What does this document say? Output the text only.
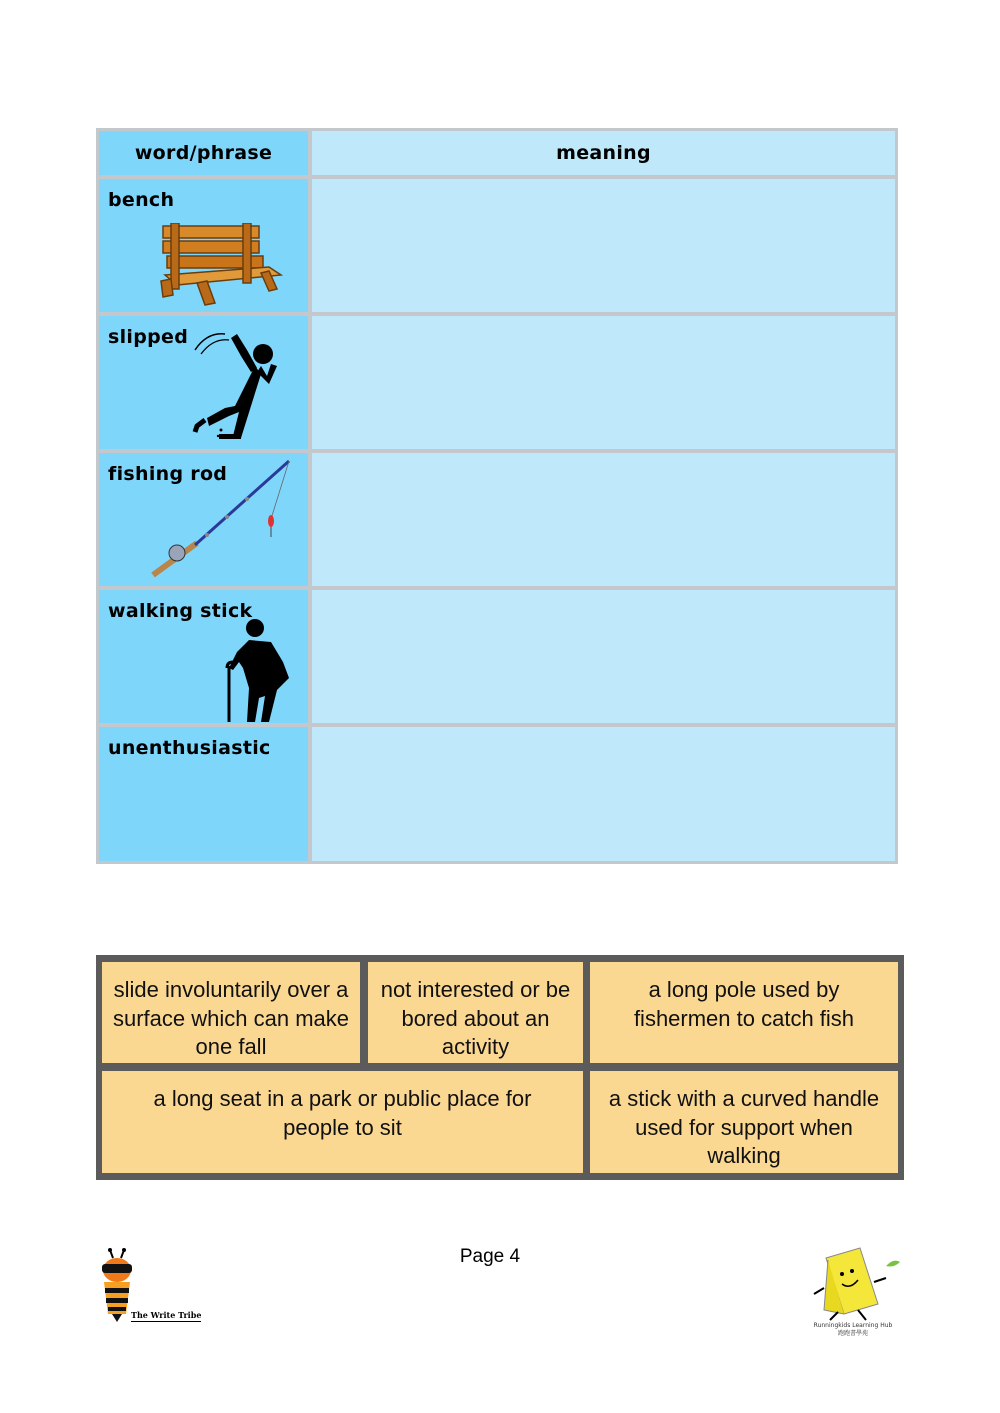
word/phrase	meaning
bench
slipped
fishing rod
walking stick
unenthusiastic
slide involuntarily over a surface which can make one fall
not interested or be bored about an activity
a long pole used by fishermen to catch fish
a long seat in a park or public place for people to sit
a stick with a curved handle used for support when walking
Page 4
The Write Tribe
Runningkids Learning Hub
跑跑書學苑
